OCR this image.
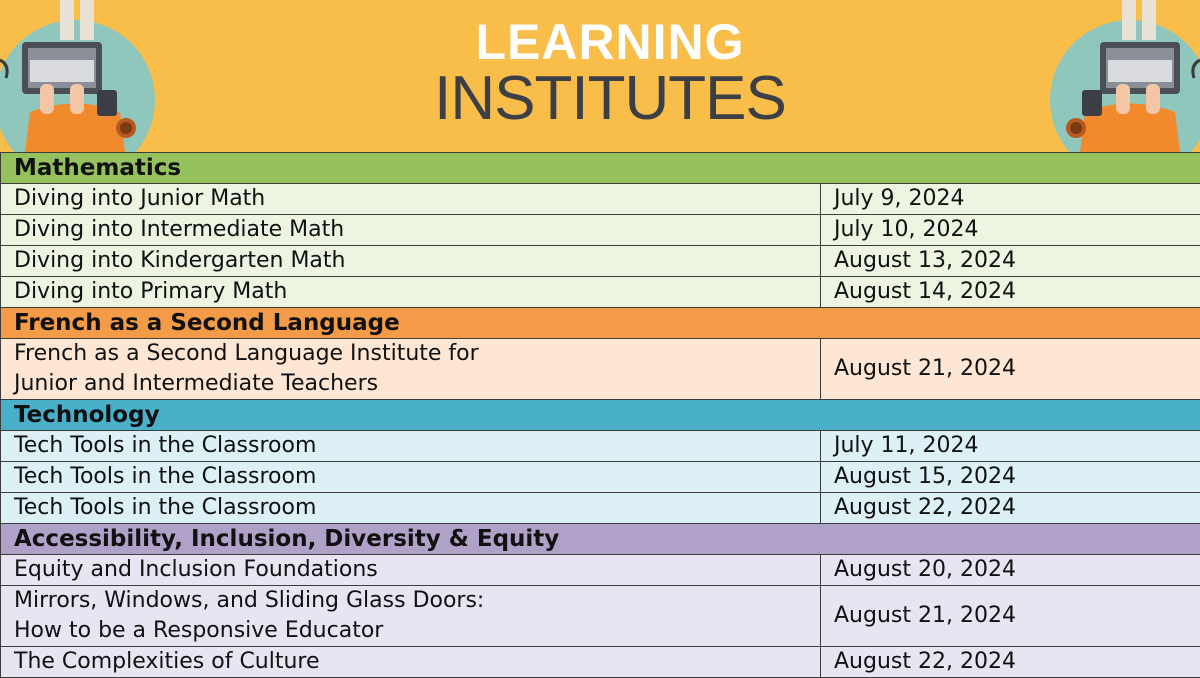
LEARNING
INSTITUTES
Mathematics	

Diving into Junior Math	July 9, 2024

Diving into Intermediate Math	July 10, 2024

Diving into Kindergarten Math	August 13, 2024

Diving into Primary Math	August 14, 2024
French as a Second Language	

French as a Second Language Institute for
Junior and Intermediate Teachers	August 21, 2024
Technology	

Tech Tools in the Classroom	July 11, 2024

Tech Tools in the Classroom	August 15, 2024

Tech Tools in the Classroom	August 22, 2024
Accessibility, Inclusion, Diversity & Equity	

Equity and Inclusion Foundations	August 20, 2024

Mirrors, Windows, and Sliding Glass Doors:
How to be a Responsive Educator	August 21, 2024

The Complexities of Culture	August 22, 2024
